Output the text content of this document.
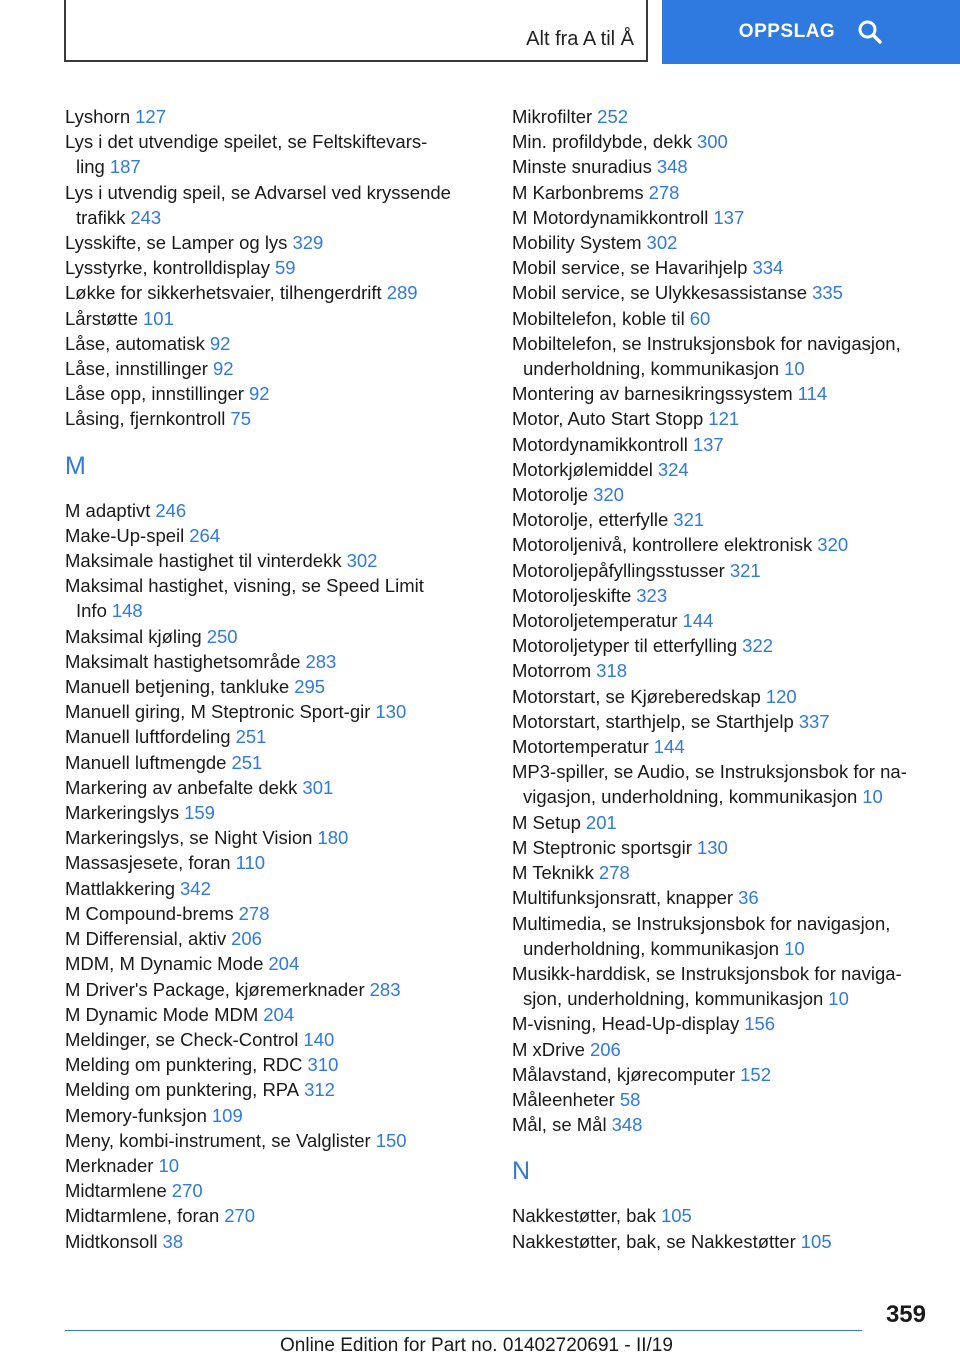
Alt fra A til Å	OPPSLAG
Lyshorn 127
Lys i det utvendige speilet, se Feltskiftevars-
ling 187
Lys i utvendig speil, se Advarsel ved kryssende
trafikk 243
Lysskifte, se Lamper og lys 329
Lysstyrke, kontrolldisplay 59
Løkke for sikkerhetsvaier, tilhengerdrift 289
Lårstøtte 101
Låse, automatisk 92
Låse, innstillinger 92
Låse opp, innstillinger 92
Låsing, fjernkontroll 75
M
M adaptivt 246
Make-Up-speil 264
Maksimale hastighet til vinterdekk 302
Maksimal hastighet, visning, se Speed Limit
Info 148
Maksimal kjøling 250
Maksimalt hastighetsområde 283
Manuell betjening, tankluke 295
Manuell giring, M Steptronic Sport-gir 130
Manuell luftfordeling 251
Manuell luftmengde 251
Markering av anbefalte dekk 301
Markeringslys 159
Markeringslys, se Night Vision 180
Massasjesete, foran 110
Mattlakkering 342
M Compound-brems 278
M Differensial, aktiv 206
MDM, M Dynamic Mode 204
M Driver's Package, kjøremerknader 283
M Dynamic Mode MDM 204
Meldinger, se Check-Control 140
Melding om punktering, RDC 310
Melding om punktering, RPA 312
Memory-funksjon 109
Meny, kombi-instrument, se Valglister 150
Merknader 10
Midtarmlene 270
Midtarmlene, foran 270
Midtkonsoll 38
Mikrofilter 252
Min. profildybde, dekk 300
Minste snuradius 348
M Karbonbrems 278
M Motordynamikkontroll 137
Mobility System 302
Mobil service, se Havarihjelp 334
Mobil service, se Ulykkesassistanse 335
Mobiltelefon, koble til 60
Mobiltelefon, se Instruksjonsbok for navigasjon,
underholdning, kommunikasjon 10
Montering av barnesikringssystem 114
Motor, Auto Start Stopp 121
Motordynamikkontroll 137
Motorkjølemiddel 324
Motorolje 320
Motorolje, etterfylle 321
Motoroljenivå, kontrollere elektronisk 320
Motoroljepåfyllingsstusser 321
Motoroljeskifte 323
Motoroljetemperatur 144
Motoroljetyper til etterfylling 322
Motorrom 318
Motorstart, se Kjøreberedskap 120
Motorstart, starthjelp, se Starthjelp 337
Motortemperatur 144
MP3-spiller, se Audio, se Instruksjonsbok for na-
vigasjon, underholdning, kommunikasjon 10
M Setup 201
M Steptronic sportsgir 130
M Teknikk 278
Multifunksjonsratt, knapper 36
Multimedia, se Instruksjonsbok for navigasjon,
underholdning, kommunikasjon 10
Musikk-harddisk, se Instruksjonsbok for naviga-
sjon, underholdning, kommunikasjon 10
M-visning, Head-Up-display 156
M xDrive 206
Målavstand, kjørecomputer 152
Måleenheter 58
Mål, se Mål 348
N
Nakkestøtter, bak 105
Nakkestøtter, bak, se Nakkestøtter 105
359
Online Edition for Part no. 01402720691 - II/19
